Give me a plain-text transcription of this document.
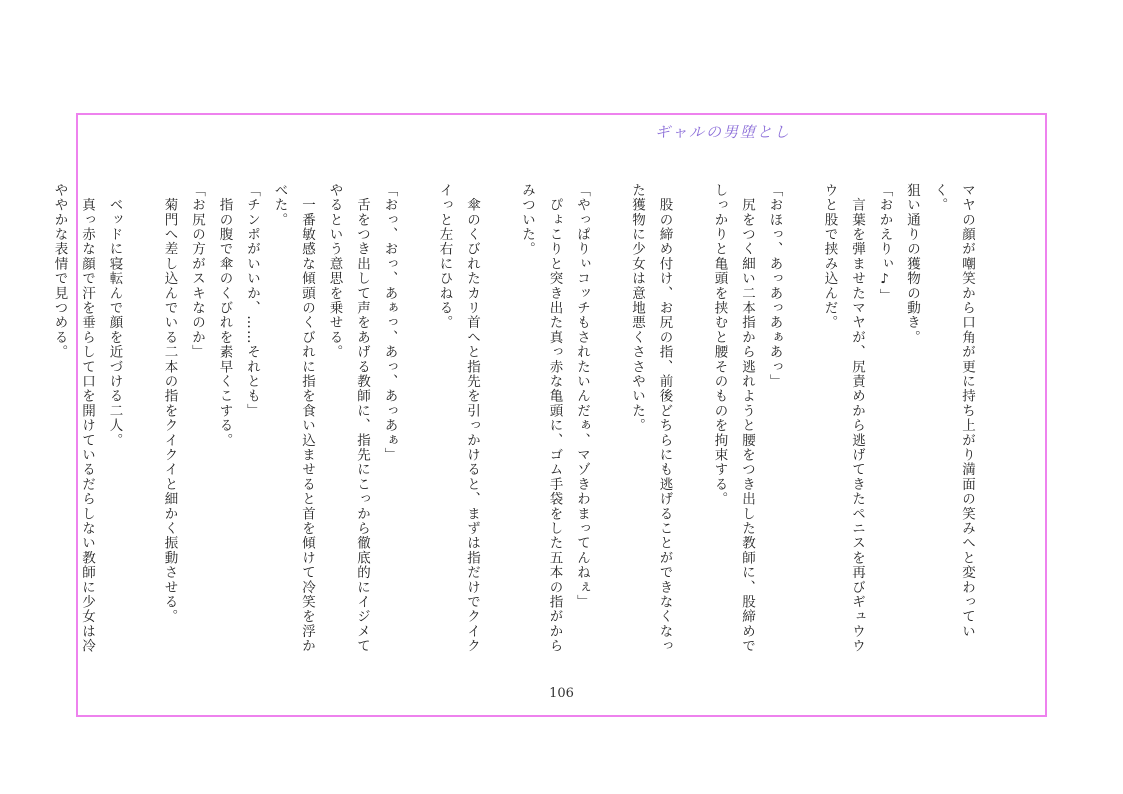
ギャルの男堕とし

マヤの顔が嘲笑から口角が更に持ち上がり満面の笑みへと変わっていく。

狙い通りの獲物の動き。

「おかえりぃ♪」

　言葉を弾ませたマヤが、尻責めから逃げてきたペニスを再びギュウウウと股で挟み込んだ。

「おほっ、あっあっあぁあっ」

　尻をつく細い二本指から逃れようと腰をつき出した教師に、股締めでしっかりと亀頭を挟むと腰そのものを拘束する。

　股の締め付け、お尻の指、前後どちらにも逃げることができなくなった獲物に少女は意地悪くささやいた。

「やっぱりぃコッチもされたいんだぁ、マゾきわまってんねぇ」

　ぴょこりと突き出た真っ赤な亀頭に、ゴム手袋をした五本の指がからみついた。

　傘のくびれたカリ首へと指先を引っかけると、まずは指だけでクイクイっと左右にひねる。

「おっ、おっ、あぁっ、あっ、あっあぁ」

　舌をつき出して声をあげる教師に、指先にこっから徹底的にイジメてやるという意思を乗せる。

　一番敏感な傾頭のくびれに指を食い込ませると首を傾けて冷笑を浮かべた。

「チンポがいいか、……それとも」

　指の腹で傘のくびれを素早くこする。

「お尻の方がスキなのか」

　菊門へ差し込んでいる二本の指をクイクイと細かく振動させる。

　ベッドに寝転んで顔を近づける二人。

　真っ赤な顔で汗を垂らして口を開けているだらしない教師に少女は冷ややかな表情で見つめる。

106
